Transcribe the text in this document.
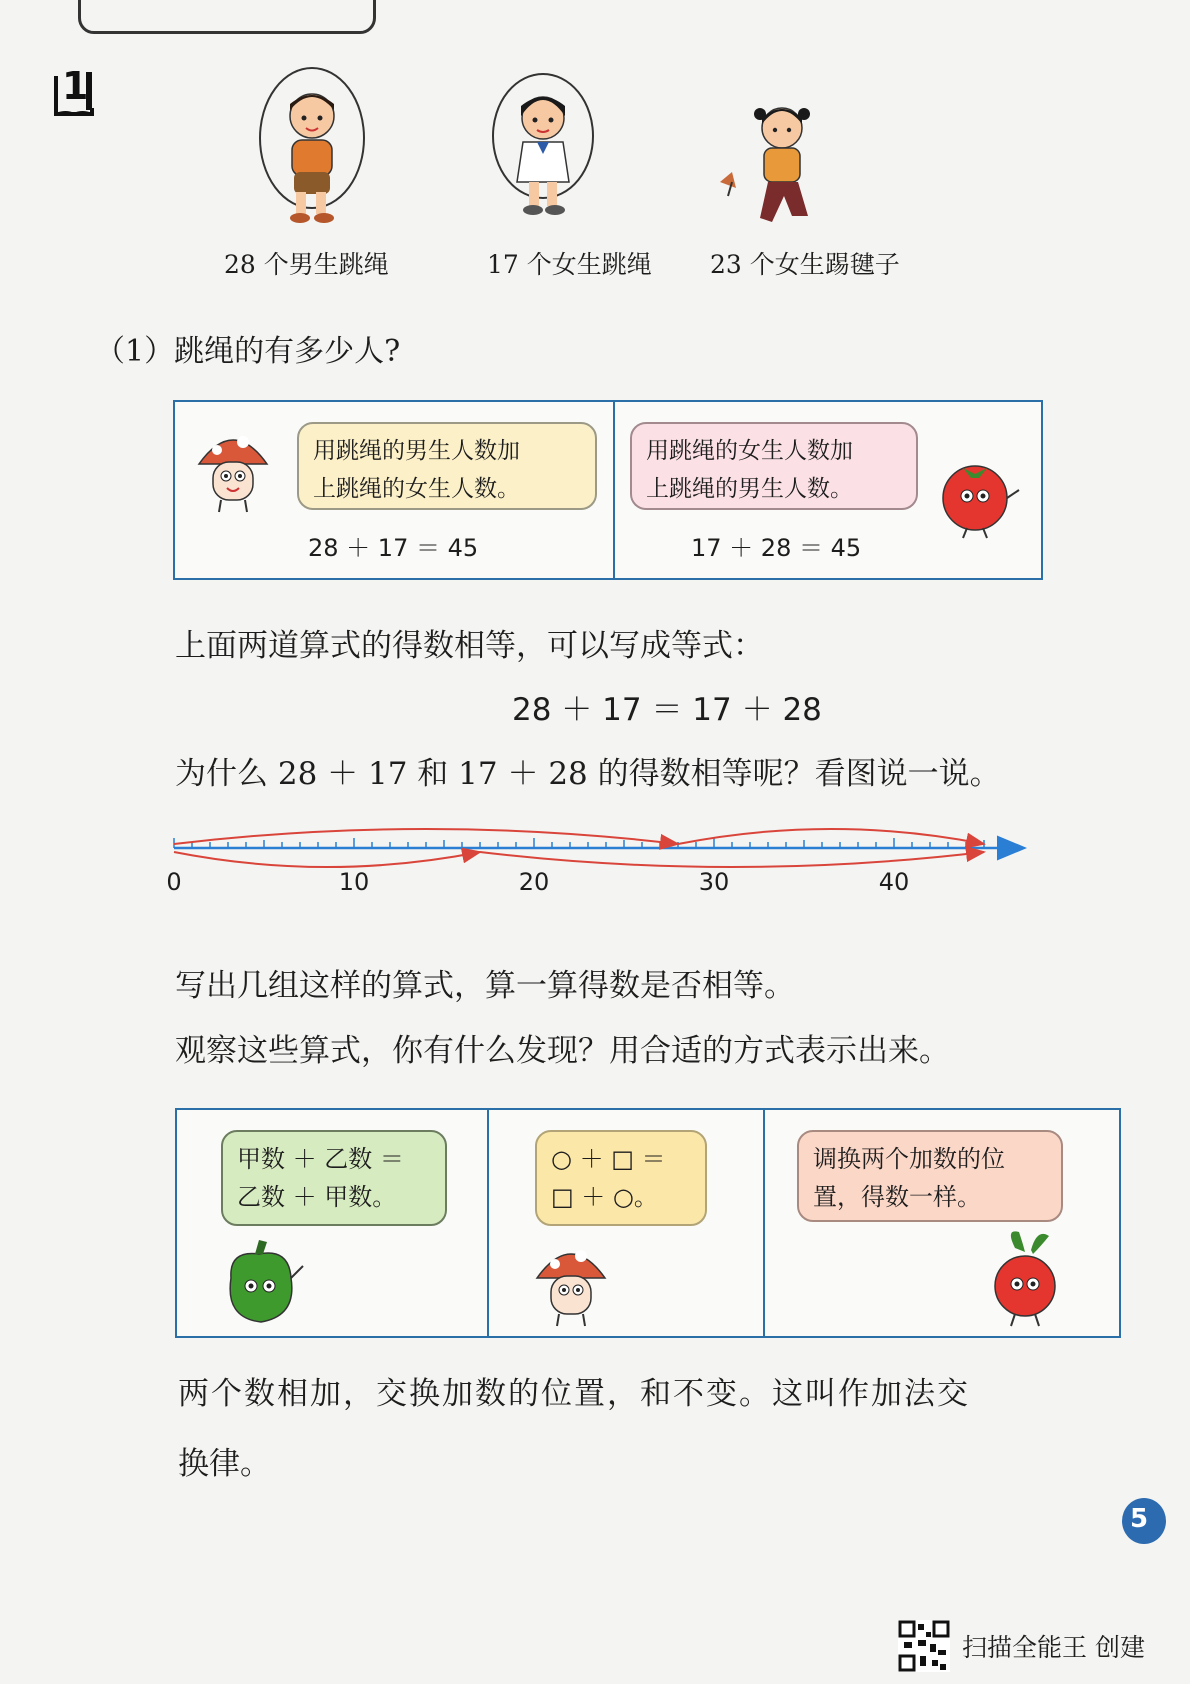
1
28 个男生跳绳	17 个女生跳绳 23 个女生踢毽子
（1）跳绳的有多少人?
用跳绳的男生人数加
上跳绳的女生人数。
28 ＋ 17 ＝ 45
用跳绳的女生人数加
上跳绳的男生人数。
17 ＋ 28 ＝ 45
上面两道算式的得数相等，可以写成等式：
28 ＋ 17 ＝ 17 ＋ 28
为什么 28 ＋ 17 和 17 ＋ 28 的得数相等呢？看图说一说。
0	10	20	30	40
写出几组这样的算式，算一算得数是否相等。
观察这些算式，你有什么发现？用合适的方式表示出来。
甲数 ＋ 乙数 ＝
乙数 ＋ 甲数。
○ ＋ □ ＝
□ ＋ ○。
调换两个加数的位
置，得数一样。
两个数相加，交换加数的位置，和不变。这叫作加法交
换律。
5
扫描全能王 创建
